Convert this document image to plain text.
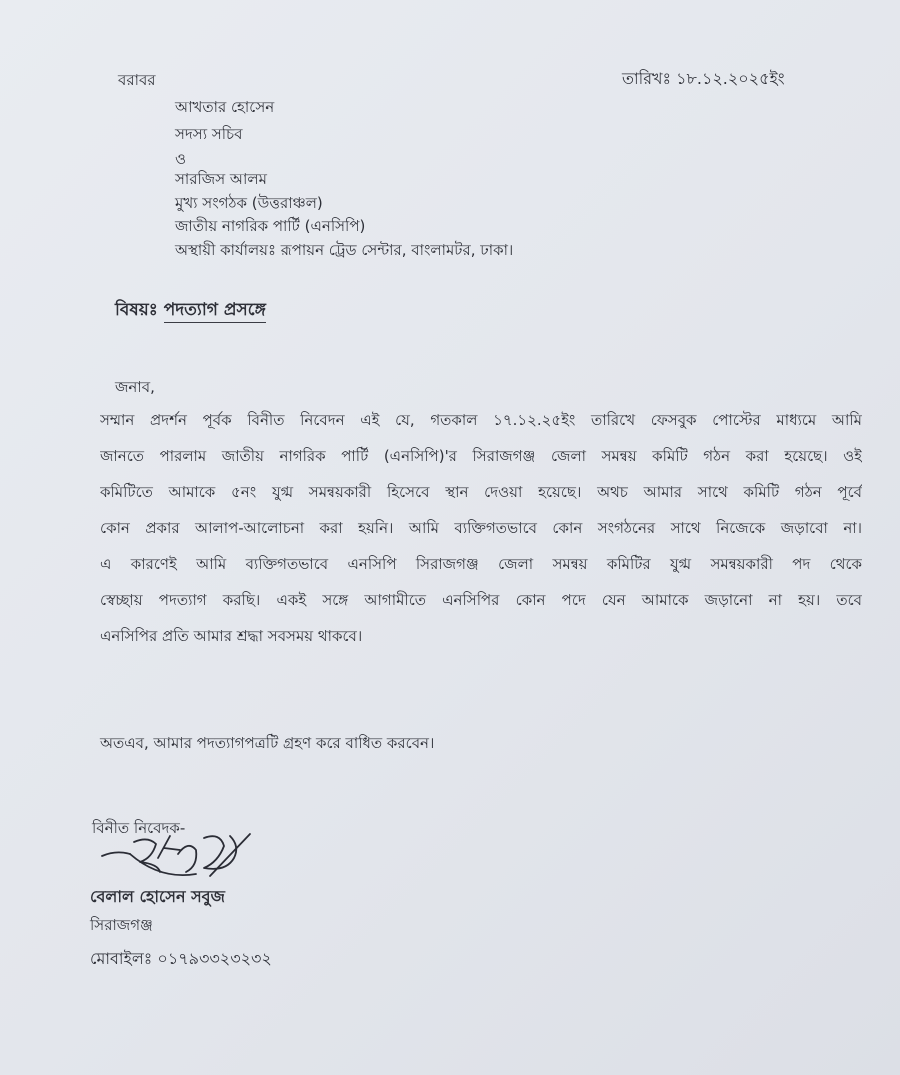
বরাবর	তারিখঃ ১৮.১২.২০২৫ইং
আখতার হোসেন
সদস্য সচিব
ও
সারজিস আলম
মুখ্য সংগঠক (উত্তরাঞ্চল)
জাতীয় নাগরিক পার্টি (এনসিপি)
অস্থায়ী কার্যালয়ঃ রূপায়ন ট্রেড সেন্টার, বাংলামটর, ঢাকা।
বিষয়ঃ পদত্যাগ প্রসঙ্গে
জনাব,
সম্মান প্রদর্শন পূর্বক বিনীত নিবেদন এই যে, গতকাল ১৭.১২.২৫ইং তারিখে ফেসবুক পোস্টের মাধ্যমে আমি
জানতে পারলাম জাতীয় নাগরিক পার্টি (এনসিপি)'র সিরাজগঞ্জ জেলা সমন্বয় কমিটি গঠন করা হয়েছে। ওই
কমিটিতে আমাকে ৫নং যুগ্ম সমন্বয়কারী হিসেবে স্থান দেওয়া হয়েছে। অথচ আমার সাথে কমিটি গঠন পূর্বে
কোন প্রকার আলাপ-আলোচনা করা হয়নি। আমি ব্যক্তিগতভাবে কোন সংগঠনের সাথে নিজেকে জড়াবো না।
এ কারণেই আমি ব্যক্তিগতভাবে এনসিপি সিরাজগঞ্জ জেলা সমন্বয় কমিটির যুগ্ম সমন্বয়কারী পদ থেকে
স্বেচ্ছায় পদত্যাগ করছি। একই সঙ্গে আগামীতে এনসিপির কোন পদে যেন আমাকে জড়ানো না হয়। তবে
এনসিপির প্রতি আমার শ্রদ্ধা সবসময় থাকবে।
অতএব, আমার পদত্যাগপত্রটি গ্রহণ করে বাধিত করবেন।
বিনীত নিবেদক-
বেলাল হোসেন সবুজ
সিরাজগঞ্জ
মোবাইলঃ ০১৭৯৩৩২৩২৩২
